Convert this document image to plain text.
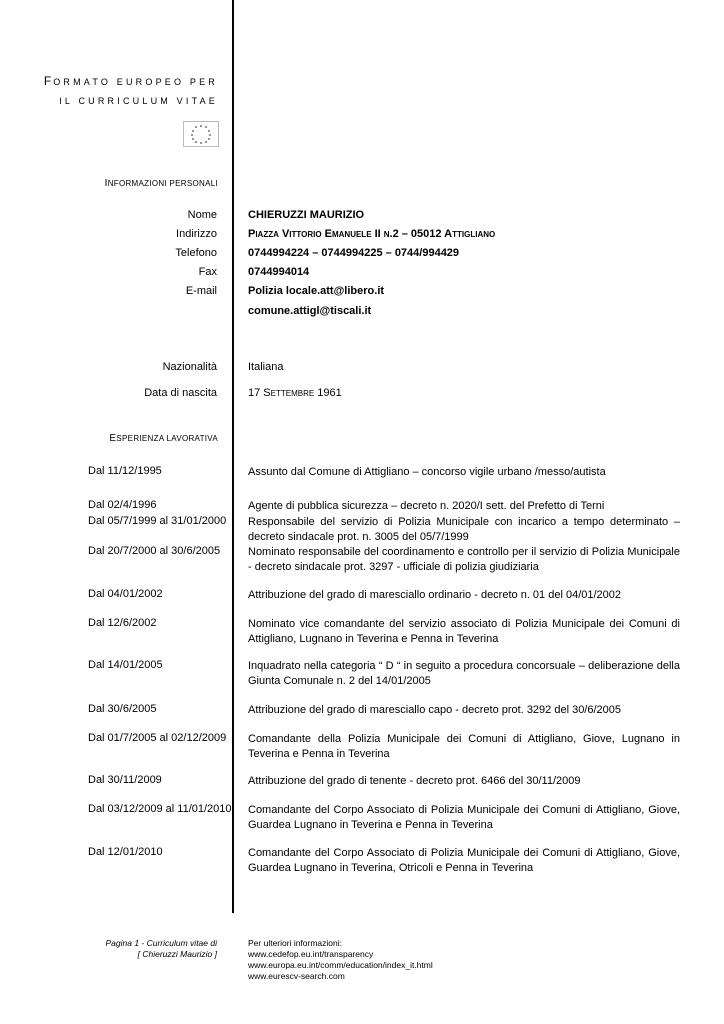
FORMATO EUROPEO PER
IL CURRICULUM VITAE
INFORMAZIONI PERSONALI
Nome	CHIERUZZI MAURIZIO
Indirizzo	Piazza Vittorio Emanuele II n.2 – 05012 Attigliano
Telefono	0744994224 – 0744994225 – 0744/994429
Fax	0744994014
E-mail	Polizia locale.att@libero.it
comune.attigl@tiscali.it
Nazionalità	Italiana
Data di nascita	17 Settembre 1961
ESPERIENZA LAVORATIVA
Dal 11/12/1995	Assunto dal Comune di Attigliano – concorso vigile urbano /messo/autista
Dal 02/4/1996	Agente di pubblica sicurezza – decreto n. 2020/I sett. del Prefetto di Terni
Dal 05/7/1999 al 31/01/2000 Responsabile del servizio di Polizia Municipale con incarico a tempo determinato – decreto sindacale prot. n. 3005 del 05/7/1999
Dal 20/7/2000 al 30/6/2005	Nominato responsabile del coordinamento e controllo per il servizio di Polizia Municipale - decreto sindacale prot. 3297 - ufficiale di polizia giudiziaria
Dal 04/01/2002	Attribuzione del grado di maresciallo ordinario - decreto n. 01 del 04/01/2002
Dal 12/6/2002	Nominato vice comandante del servizio associato di Polizia Municipale dei Comuni di Attigliano, Lugnano in Teverina e Penna in Teverina
Dal 14/01/2005	Inquadrato nella categoria “ D “ in seguito a procedura concorsuale – deliberazione della Giunta Comunale n. 2 del 14/01/2005
Dal 30/6/2005	Attribuzione del grado di maresciallo capo - decreto prot. 3292 del 30/6/2005
Dal 01/7/2005 al 02/12/2009 Comandante della Polizia Municipale dei Comuni di Attigliano, Giove, Lugnano in Teverina e Penna in Teverina
Dal 30/11/2009	Attribuzione del grado di tenente - decreto prot. 6466 del 30/11/2009
Dal 03/12/2009 al 11/01/2010 Comandante del Corpo Associato di Polizia Municipale dei Comuni di Attigliano, Giove, Guardea Lugnano in Teverina e Penna in Teverina
Dal 12/01/2010	Comandante del Corpo Associato di Polizia Municipale dei Comuni di Attigliano, Giove, Guardea Lugnano in Teverina, Otricoli e Penna in Teverina
Pagina 1 - Curriculum vitae di
[ Chieruzzi Maurizio ]
Per ulteriori informazioni:
www.cedefop.eu.int/transparency
www.europa.eu.int/comm/education/index_it.html
www.eurescv-search.com
